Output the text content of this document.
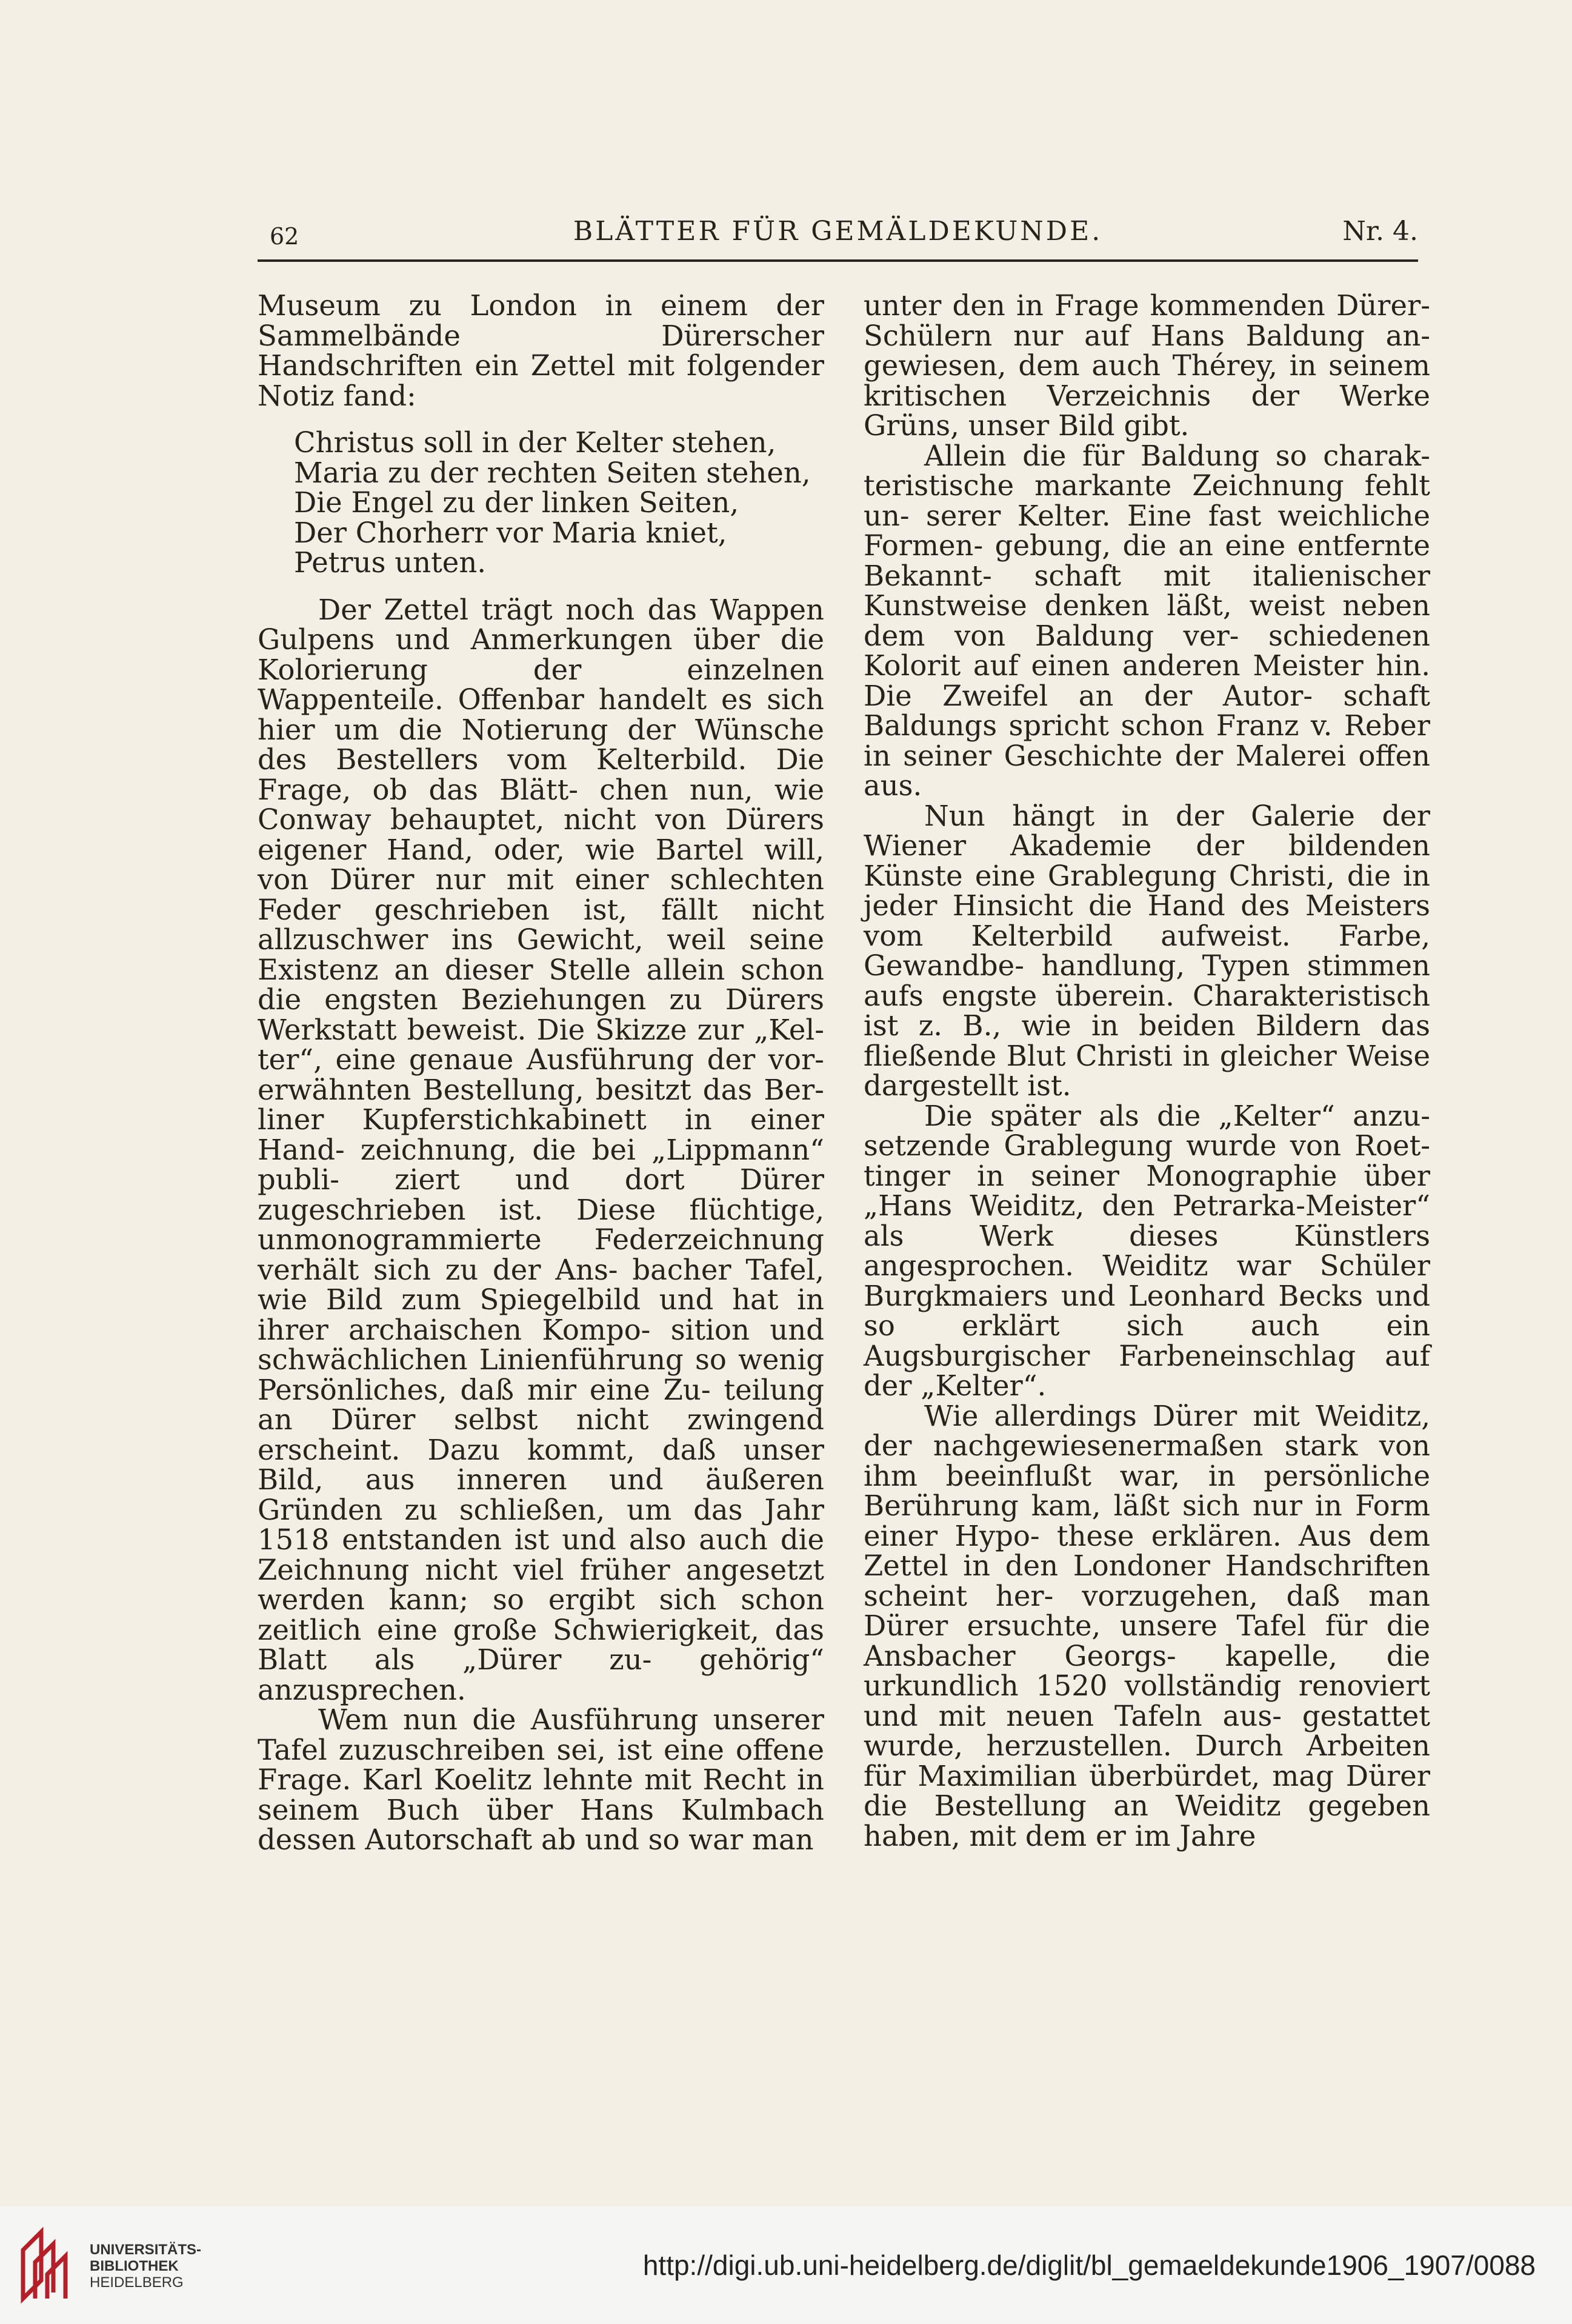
62	BLÄTTER FÜR GEMÄLDEKUNDE.	Nr. 4.

Museum zu London in einem der Sammelbände Dürerscher Handschriften ein Zettel mit folgender Notiz fand:

Christus soll in der Kelter stehen,

Maria zu der rechten Seiten stehen,

Die Engel zu der linken Seiten,

Der Chorherr vor Maria kniet,

Petrus unten.

Der Zettel trägt noch das Wappen Gulpens und Anmerkungen über die Kolorierung der einzelnen Wappenteile. Offenbar handelt es sich hier um die Notierung der Wünsche des Bestellers vom Kelterbild. Die Frage, ob das Blätt- chen nun, wie Conway behauptet, nicht von Dürers eigener Hand, oder, wie Bartel will, von Dürer nur mit einer schlechten Feder geschrieben ist, fällt nicht allzuschwer ins Gewicht, weil seine Existenz an dieser Stelle allein schon die engsten Beziehungen zu Dürers Werkstatt beweist. Die Skizze zur „Kel- ter“, eine genaue Ausführung der vor- erwähnten Bestellung, besitzt das Ber- liner Kupferstichkabinett in einer Hand- zeichnung, die bei „Lippmann“ publi- ziert und dort Dürer zugeschrieben ist. Diese flüchtige, unmonogrammierte Federzeichnung verhält sich zu der Ans- bacher Tafel, wie Bild zum Spiegelbild und hat in ihrer archaischen Kompo- sition und schwächlichen Linienführung so wenig Persönliches, daß mir eine Zu- teilung an Dürer selbst nicht zwingend erscheint. Dazu kommt, daß unser Bild, aus inneren und äußeren Gründen zu schließen, um das Jahr 1518 entstanden ist und also auch die Zeichnung nicht viel früher angesetzt werden kann; so ergibt sich schon zeitlich eine große Schwierigkeit, das Blatt als „Dürer zu- gehörig“ anzusprechen.

Wem nun die Ausführung unserer Tafel zuzuschreiben sei, ist eine offene Frage. Karl Koelitz lehnte mit Recht in seinem Buch über Hans Kulmbach dessen Autorschaft ab und so war man

unter den in Frage kommenden Dürer- Schülern nur auf Hans Baldung an- gewiesen, dem auch Thérey, in seinem kritischen Verzeichnis der Werke Grüns, unser Bild gibt.

Allein die für Baldung so charak- teristische markante Zeichnung fehlt un- serer Kelter. Eine fast weichliche Formen- gebung, die an eine entfernte Bekannt- schaft mit italienischer Kunstweise denken läßt, weist neben dem von Baldung ver- schiedenen Kolorit auf einen anderen Meister hin. Die Zweifel an der Autor- schaft Baldungs spricht schon Franz v. Reber in seiner Geschichte der Malerei offen aus.

Nun hängt in der Galerie der Wiener Akademie der bildenden Künste eine Grablegung Christi, die in jeder Hinsicht die Hand des Meisters vom Kelterbild aufweist. Farbe, Gewandbe- handlung, Typen stimmen aufs engste überein. Charakteristisch ist z. B., wie in beiden Bildern das fließende Blut Christi in gleicher Weise dargestellt ist.

Die später als die „Kelter“ anzu- setzende Grablegung wurde von Roet- tinger in seiner Monographie über „Hans Weiditz, den Petrarka-Meister“ als Werk dieses Künstlers angesprochen. Weiditz war Schüler Burgkmaiers und Leonhard Becks und so erklärt sich auch ein Augsburgischer Farbeneinschlag auf der „Kelter“.

Wie allerdings Dürer mit Weiditz, der nachgewiesenermaßen stark von ihm beeinflußt war, in persönliche Berührung kam, läßt sich nur in Form einer Hypo- these erklären. Aus dem Zettel in den Londoner Handschriften scheint her- vorzugehen, daß man Dürer ersuchte, unsere Tafel für die Ansbacher Georgs- kapelle, die urkundlich 1520 vollständig renoviert und mit neuen Tafeln aus- gestattet wurde, herzustellen. Durch Arbeiten für Maximilian überbürdet, mag Dürer die Bestellung an Weiditz gegeben haben, mit dem er im Jahre

UNIVERSITÄTS-
BIBLIOTHEK
HEIDELBERG
http://digi.ub.uni-heidelberg.de/diglit/bl_gemaeldekunde1906_1907/0088
